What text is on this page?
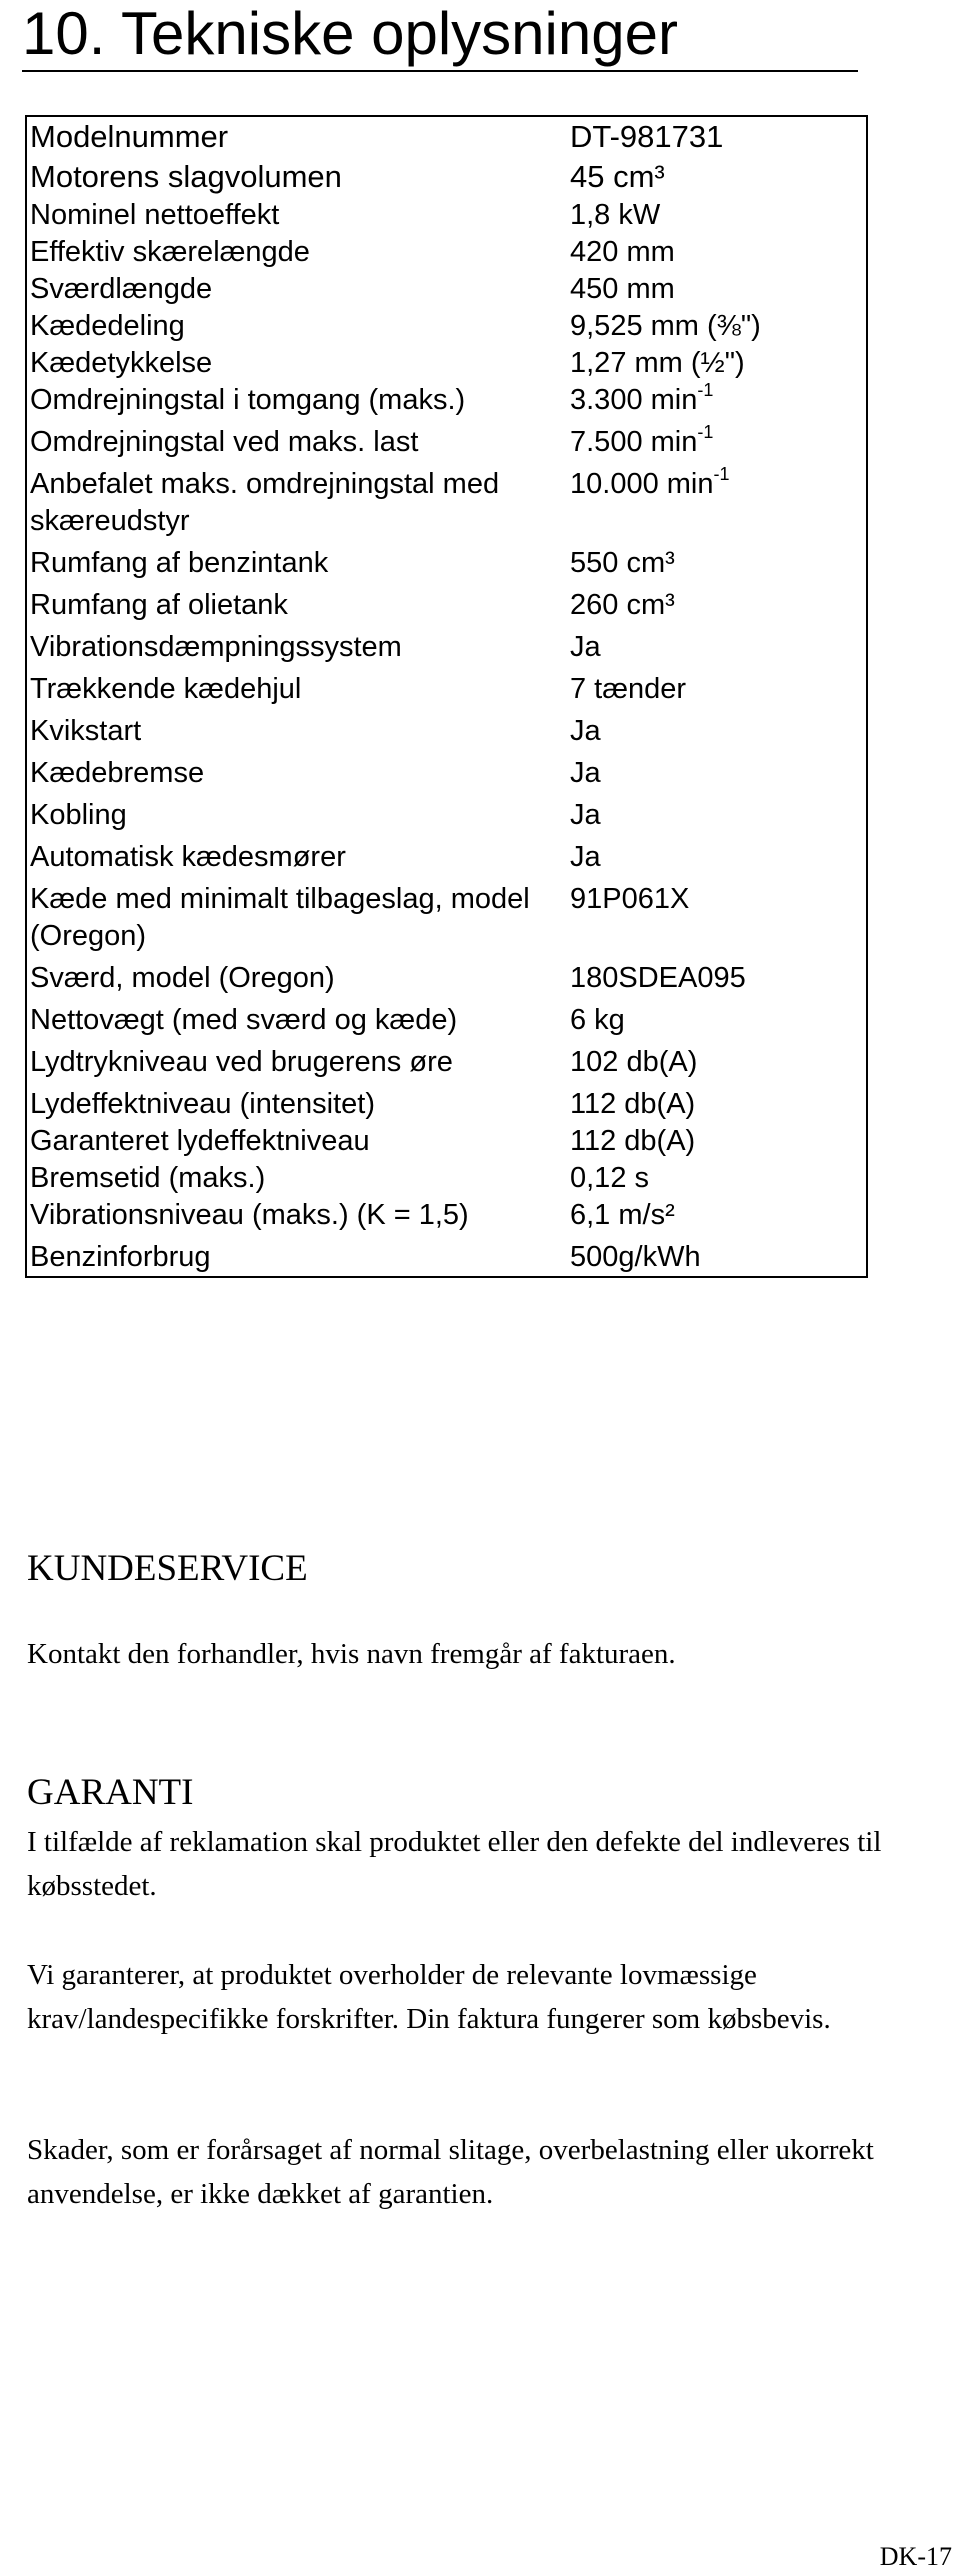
10. Tekniske oplysninger
Modelnummer	DT-981731
Motorens slagvolumen	45 cm³
Nominel nettoeffekt	1,8 kW
Effektiv skærelængde	420 mm
Sværdlængde	450 mm
Kædedeling	9,525 mm (⅜")
Kædetykkelse	1,27 mm (½")
Omdrejningstal i tomgang (maks.)	3.300 $\min^{-1}$
Omdrejningstal ved maks. last	7.500 $\min^{-1}$
Anbefalet maks. omdrejningstal med skæreudstyr	10.000 $\min^{-1}$
Rumfang af benzintank	550 cm³
Rumfang af olietank	260 cm³
Vibrationsdæmpningssystem	Ja
Trækkende kædehjul	7 tænder
Kvikstart	Ja
Kædebremse	Ja
Kobling	Ja
Automatisk kædesmører	Ja
Kæde med minimalt tilbageslag, model (Oregon)	91P061X
Sværd, model (Oregon)	180SDEA095
Nettovægt (med sværd og kæde)	6 kg
Lydtrykniveau ved brugerens øre	102 db(A)
Lydeffektniveau (intensitet)	112 db(A)
Garanteret lydeffektniveau	112 db(A)
Bremsetid (maks.)	0,12 s
Vibrationsniveau (maks.) (K = 1,5)	6,1 m/s²
Benzinforbrug	500g/kWh
KUNDESERVICE

Kontakt den forhandler, hvis navn fremgår af fakturaen.

GARANTI

I tilfælde af reklamation skal produktet eller den defekte del indleveres til købsstedet.

Vi garanterer, at produktet overholder de relevante lovmæssige krav/landespecifikke forskrifter. Din faktura fungerer som købsbevis.

Skader, som er forårsaget af normal slitage, overbelastning eller ukorrekt anvendelse, er ikke dækket af garantien.

DK-17
